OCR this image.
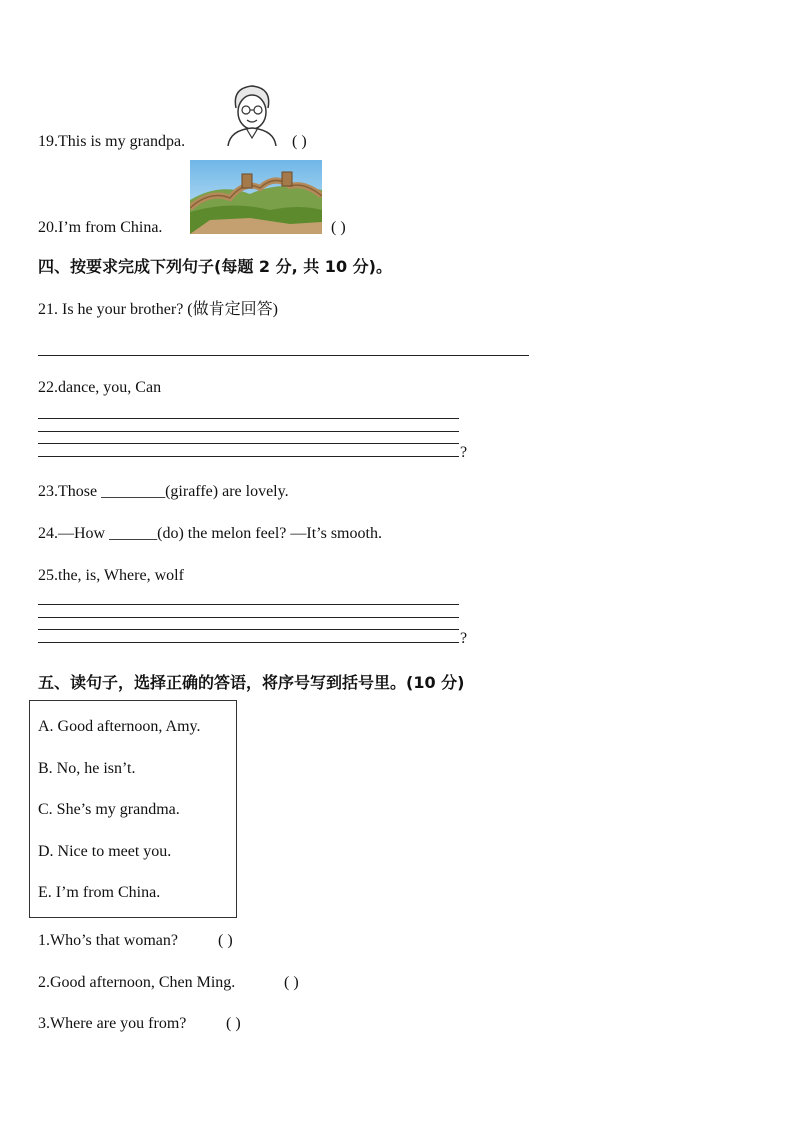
19.This is my grandpa.	( )
20.I’m from China.	( )
四、按要求完成下列句子(每题 2 分, 共 10 分)。
21. Is he your brother? (做肯定回答)
22.dance, you, Can
?
23.Those ________(giraffe) are lovely.
24.—How ______(do) the melon feel? —It’s smooth.
25.the, is, Where, wolf
?
五、读句子，选择正确的答语，将序号写到括号里。(10 分)
A. Good afternoon, Amy.
B. No, he isn’t.
C. She’s my grandma.
D. Nice to meet you.
E. I’m from China.
1.Who’s that woman?	( )
2.Good afternoon, Chen Ming.	( )
3.Where are you from? ( )
